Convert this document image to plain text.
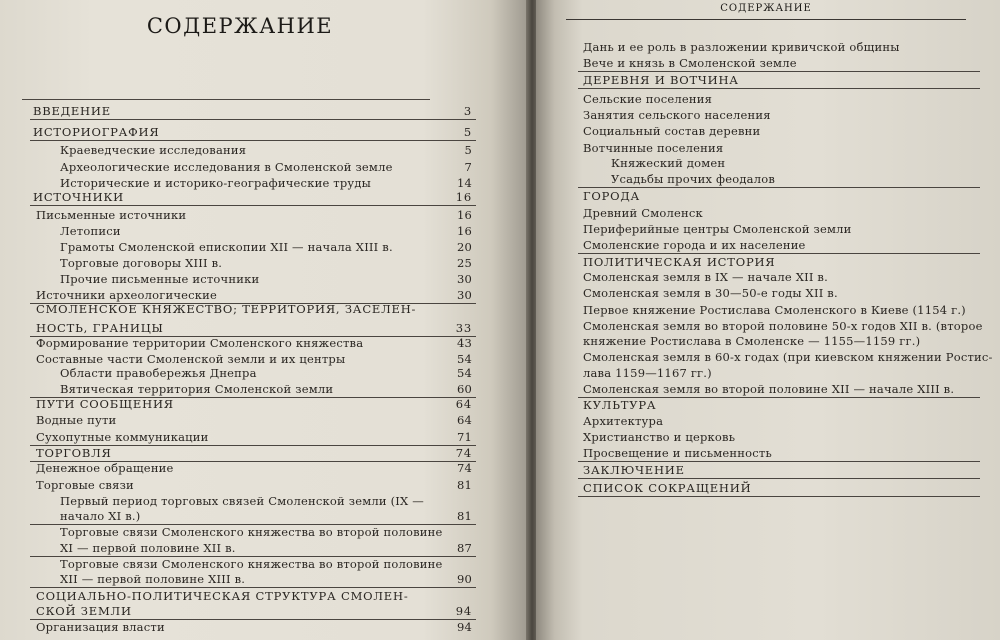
СОДЕРЖАНИЕ
ВВЕДЕНИЕ	3
ИСТОРИОГРАФИЯ	5
Краеведческие исследования	5
Археологические исследования в Смоленской земле	7
Исторические и историко-географические труды	14
ИСТОЧНИКИ	16
Письменные источники	16
Летописи	16
Грамоты Смоленской епископии XII — начала XIII в.	20
Торговые договоры XIII в.	25
Прочие письменные источники	30
Источники археологические	30
СМОЛЕНСКОЕ КНЯЖЕСТВО; ТЕРРИТОРИЯ, ЗАСЕЛЕН-
НОСТЬ, ГРАНИЦЫ	33
Формирование территории Смоленского княжества	43
Составные части Смоленской земли и их центры	54
Области правобережья Днепра	54
Вятическая территория Смоленской земли	60
ПУТИ СООБЩЕНИЯ	64
Водные пути	64
Сухопутные коммуникации	71
ТОРГОВЛЯ	74
Денежное обращение	74
Торговые связи	81
Первый период торговых связей Смоленской земли (IX —
начало XI в.)	81
Торговые связи Смоленского княжества во второй половине
XI — первой половине XII в.	87
Торговые связи Смоленского княжества во второй половине
XII — первой половине XIII в.	90
СОЦИАЛЬНО-ПОЛИТИЧЕСКАЯ СТРУКТУРА СМОЛЕН-
СКОЙ ЗЕМЛИ	94
Организация власти	94
СОДЕРЖАНИЕ
Дань и ее роль в разложении кривичской общины
Вече и князь в Смоленской земле
ДЕРЕВНЯ И ВОТЧИНА
Сельские поселения
Занятия сельского населения
Социальный состав деревни
Вотчинные поселения
Княжеский домен
Усадьбы прочих феодалов
ГОРОДА
Древний Смоленск
Периферийные центры Смоленской земли
Смоленские города и их население
ПОЛИТИЧЕСКАЯ ИСТОРИЯ
Смоленская земля в IX — начале XII в.
Смоленская земля в 30—50-е годы XII в.
Первое княжение Ростислава Смоленского в Киеве (1154 г.)
Смоленская земля во второй половине 50-х годов XII в. (второе
княжение Ростислава в Смоленске — 1155—1159 гг.)
Смоленская земля в 60-х годах (при киевском княжении Ростис-
лава 1159—1167 гг.)
Смоленская земля во второй половине XII — начале XIII в.
КУЛЬТУРА
Архитектура
Христианство и церковь
Просвещение и письменность
ЗАКЛЮЧЕНИЕ
СПИСОК СОКРАЩЕНИЙ
